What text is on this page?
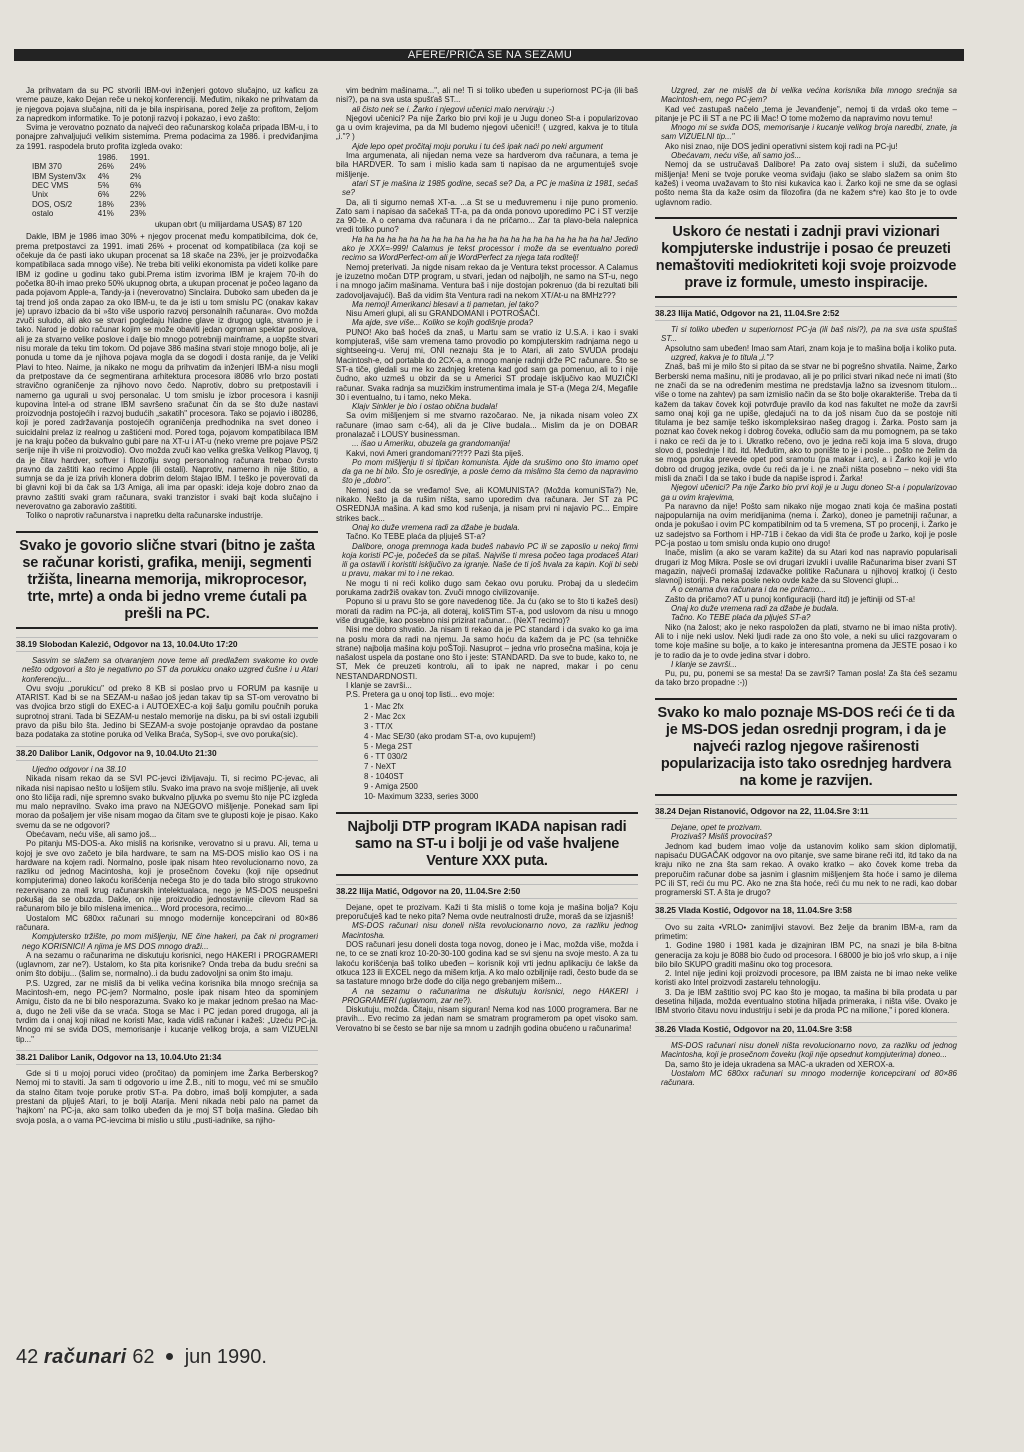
AFERE/PRIČA SE NA SEZAMU

Ja prihvatam da su PC stvorili IBM-ovi inženjeri gotovo slučajno, uz kaficu za vreme pauze, kako Dejan reče u nekoj konferenciji. Međutim, nikako ne prihvatam da je njegova pojava slučajna, niti da je bila inspirisana, pored želje za profitom, željom za napredkom informatike. To je potonji razvoj i pokazao, i evo zašto:

Svima je verovatno poznato da najveći deo računarskog kolača pripada IBM-u, i to ponajpre zahvaljujući velikim sistemima. Prema podacima za 1986. i predviđanjima za 1991. raspodela bruto profita izgleda ovako:

	1986.	1991.
IBM 370	26%	24%
IBM System/3x	4%	2%
DEC VMS	5%	6%
Unix	6%	22%
DOS, OS/2	18%	23%
ostalo	41%	23%
ukupan obrt (u milijardama USA$) 87 120

Dakle, IBM je 1986 imao 30% + njegov procenat među kompatibilcima, dok će, prema pretpostavci za 1991. imati 26% + procenat od kompatibilaca (za koji se očekuje da će pasti iako ukupan procenat sa 18 skače na 23%, jer je proizvođačka kompatibilaca sada mnogo više). Ne treba biti veliki ekonomista pa videti kolike pare IBM iz godine u godinu tako gubi.Prema istim izvorima IBM je krajem 70-ih do početka 80-ih imao preko 50% ukupnog obrta, a ukupan procenat je počeo lagano da pada pojavom Apple-a, Tandy-ja i (neverovatno) Sinclaira. Duboko sam ubeđen da je taj trend još onda zapao za oko IBM-u, te da je isti u tom smislu PC (onakav kakav je) upravo izbacio da bi »što više usporio razvoj personalnih računara«. Ovo možda zvuči suludo, ali ako se stvari pogledaju hladne glave iz drugog ugla, stvarno je i tako. Narod je dobio računar kojim se može obaviti jedan ogroman spektar poslova, ali je za stvarno velike poslove i dalje bio mnogo potrebniji mainframe, a uopšte stvari nisu morale da teku tim tokom. Od pojave 386 mašina stvari stoje mnogo bolje, ali je ponuda u tome da je njihova pojava mogla da se dogodi i dosta ranije, da je Veliki Plavi to hteo. Naime, ja nikako ne mogu da prihvatim da inženjeri IBM-a nisu mogli da pretpostave da će segmentirana arhitektura procesora i8086 vrlo brzo postati stravično ograničenje za njihovo novo čedo. Naprotiv, dobro su pretpostavili i namerno ga ugurali u svoj personalac. U tom smislu je izbor procesora i kasniji kupovina Intel-a od strane IBM savršeno sračunat čin da se što duže nastavi proizvodnja postojećih i razvoj budućih „sakatih" procesora. Tako se pojavio i i80286, koji je pored zadržavanja postojećih ograničenja predhodnika na svet doneo i suicidalni prelaz iz realnog u zaštićeni mod. Pored toga, pojavom kompatibilaca IBM je na kraju počeo da bukvalno gubi pare na XT-u i AT-u (neko vreme pre pojave PS/2 serije nije ih više ni proizvodio). Ovo možda zvuči kao velika greška Velikog Plavog, tj da je čitav hardver, softver i filozofiju svog personalnog računara trebao čvrsto pravno da zaštiti kao recimo Apple (ili ostali). Naprotiv, namerno ih nije štitio, a sumnja se da je iza privih klonera dobrim delom štajao IBM. I teško je poverovati da bi glavni koji bi da čak sa 1/3 Amiga, ali ima par opaski: ideja koje dobro znao da pravno zaštiti svaki gram računara, svaki tranzistor i svaki bajt koda slučajno i neverovatno ga zaboravio zaštititi.

Toliko o naprotiv računarstva i napretku delta računarske industrije.

Svako je govorio slične stvari (bitno je zašta se računar koristi, grafika, meniji, segmenti tržišta, linearna memorija, mikroprocesor, trte, mrte) a onda bi jedno vreme ćutali pa prešli na PC.
38.19 Slobodan Kalezić, Odgovor na 13, 10.04.Uto 17:20

Sasvim se slažem sa otvaranjem nove teme ali predlažem svakome ko ovde nešto odgovori a što je negativno po ST da porukicu onako uzgred čušne i u Atari konferenciju...

Ovu svoju „porukicu" od preko 8 KB si poslao prvo u FORUM pa kasnije u ATARIST. Kad bi se na SEZAM-u našao još jedan takav tip sa ST-om verovatno bi vas dvojica brzo stigli do EXEC-a i AUTOEXEC-a koji šalju gomilu poučnih poruka suprotnoj strani. Tada bi SEZAM-u nestalo memorije na disku, pa bi svi ostali izgubili pravo da pišu bilo šta. Jedino bi SEZAM-a svoje postojanje opravdao da postane baza podataka za stotine poruka od Velika Braća, SySop-i, sve ovo poruka(sic).

38.20 Dalibor Lanik, Odgovor na 9, 10.04.Uto 21:30

Ujedno odgovor i na 38.10

Nikada nisam rekao da se SVI PC-jevci iživljavaju. Ti, si recimo PC-jevac, ali nikada nisi napisao nešto u lošijem stilu. Svako ima pravo na svoje mišljenje, ali uvek ono što ličija radi, nije spremno svako bukvalno pljuvka po svemu što nije PC izgleda mu malo nepravilno. Svako ima pravo na NJEGOVO mišljenje. Ponekad sam lipi morao da pošaljem jer više nisam mogao da čitam sve te gluposti koje je pisao. Kako svemu da se ne odgovori?

Obećavam, neću više, ali samo još...

Po pitanju MS-DOS-a. Ako misliš na korisnike, verovatno si u pravu. Ali, tema u kojoj je sve ovo začeto je bila hardware, te sam na MS-DOS mislio kao OS i na hardware na kojem radi. Normalno, posle ipak nisam hteo revolucionarno novo, za razliku od jednog Macintosha, koji je prosečnom čoveku (koji nije opsednut kompjuterima) doneo lakoću korišćenja nečega što je do tada bilo strogo strukovno rezervisano za mali krug računarskih intelektualaca, nego je MS-DOS neuspešni pokušaj da se obuzda. Dakle, on nije proizvodio jednostavnije cilevom Rad sa računarom bilo je bilo mislena imenica... Word procesora, recimo...

Uostalom MC 680xx računari su mnogo modernije koncepcirani od 80×86 računara.

Kompjutersko tržište, po mom mišljenju, NE čine hakeri, pa čak ni programeri nego KORISNICI! A njima je MS DOS mnogo draži...

A na sezamu o računarima ne diskutuju korisnici, nego HAKERI i PROGRAMERI (uglavnom, zar ne?). Ustalom, ko šta pita korisnike? Onda treba da budu srećni sa onim što dobiju... (šalim se, normalno)..i da budu zadovoljni sa onim što imaju.

P.S. Uzgred, zar ne misliš da bi velika većina korisnika bila mnogo srećnija sa Macintosh-em, nego PC-jem? Normalno, posle ipak nisam hteo da spominjem Amigu, čisto da ne bi bilo nesporazuma. Svako ko je makar jednom prešao na Mac-a, dugo ne želi više da se vraća. Stoga se Mac i PC jedan pored drugoga, ali ja tvrdim da i onaj koji nikad ne koristi Mac, kada vidiš računar i kažeš: „Uzeću PC-ja. Mnogo mi se sviđa DOS, memorisanje i kucanje velikog broja, a sam VIZUELNI tip..."

38.21 Dalibor Lanik, Odgovor na 13, 10.04.Uto 21:34

Gde si ti u mojoj poruci video (pročitao) da pominjem ime Žarka Berberskog? Nemoj mi to staviti. Ja sam ti odgovorio u ime Ž.B., niti to mogu, već mi se smučilo da stalno čitam tvoje poruke protiv ST-a. Pa dobro, imaš bolji kompjuter, a sada prestani da pljuješ Atari, to je bolji Atarija. Meni nikada nebi palo na pamet da ‘hajkom’ na PC-ja, ako sam toliko ubeđen da je moj ST bolja mašina. Gledao bih svoja posla, a o vama PC-ievcima bi mislio u stilu „pusti-iadnike, sa njiho-

vim bednim mašinama...", ali ne! Ti si toliko ubeđen u superiornost PC-ja (ili baš nisi?), pa na sva usta spušťaš ST...

ali čisto nek se i. Žarko i njegovi učenici malo nerviraju :-)

Njegovi učenici? Pa nije Žarko bio prvi koji je u Jugu doneo St-a i popularizovao ga u ovim krajevima, pa da MI budemo njegovi učenici!! ( uzgred, kakva je to titula „i."? )

Ajde lepo opet pročitaj moju poruku i tu ćeš ipak naći po neki argument

Ima argumenata, ali nijedan nema veze sa hardverom dva računara, a tema je bila HARDVER. To sam i mislio kada sam ti napisao da ne argumentuješ svoje mišljenje.

atari ST je mašina iz 1985 godine, secaš se? Da, a PC je mašina iz 1981, sećaš se?

Da, ali ti sigurno nemaš XT-a. ...a St se u međuvremenu i nije puno promenio. Zato sam i napisao da sačekaš TT-a, pa da onda ponovo uporedimo PC i ST verzije za 90-te. A o cenama dva računara i da ne pričamo... Zar ta plavo-bela nalepnica vredi toliko puno?

Ha ha ha ha ha ha ha ha ha ha ha ha ha ha ha ha ha ha ha ha ha ha ha! Jedino ako je XXX=-999! Calamus je tekst processor i može da se eventualno poredi recimo sa WordPerfect-om ali je WordPerfect za njega tata roditelj!

Nemoj preterivati. Ja nigde nisam rekao da je Ventura tekst processor. A Calamus je izuzetno močan DTP program, u stvari, jedan od najboljih, ne samo na ST-u, nego i na mnogo jačim mašinama. Ventura baš i nije dostojan pokrenuo (da bi rezultati bili zadovoljavajući). Baš da vidim šta Ventura radi na nekom XT/At-u na 8MHz???

Ma nemoj! Amerikanci blesavi a ti pametan, jel tako?

Nisu Ameri glupi, ali su GRANDOMANI i POTROŠAČI.

Ma ajde, sve više... Koliko se kojih godišnje proda?

PUNO! Ako baš hoćeš da znaš, u Martu sam se vratio iz U.S.A. i kao i svaki kompjuteraš, više sam vremena tamo provodio po kompjuterskim radnjama nego u sightseeing-u. Veruj mi, ONI neznaju šta je to Atari, ali zato SVUDA prodaju Macintosh-e, od portabla do 2CX-a, a mnogo manje radnji drže PC računare. Što se ST-a tiče, gledali su me ko zadnjeg kretena kad god sam ga pomenuo, ali to i nije čudno, ako uzmeš u obzir da se u Americi ST prodaje isključivo kao MUZIČKI računar. Svaka radnja sa muzičkim instrumentima imala je ST-a (Mega 2/4, Megafile 30 i eventualno, tu i tamo, neko Meka.

Klajv Sinkler je bio i ostao obična budala!

Sa ovim mišljenjem si me stvarno razočarao. Ne, ja nikada nisam voleo ZX računare (imao sam c-64), ali da je Clive budala... Mislim da je on DOBAR pronalazač i LOUSY businessman.

... išao u Ameriku, obuzela ga grandomanija!

Kakvi, novi Ameri grandomani??!?? Pazi šta piješ.

Po mom mišljenju ti si tipičan komunista. Ajde da srušimo ono što imamo opet da ga ne bi bilo. Što je osredinje, a posle ćemo da mislimo šta ćemo da napravimo što je „dobro".

Nemoj sad da se vređamo! Sve, ali KOMUNISTA? (Možda komuniSTa?) Ne, nikako. Nešto ja da rušim ništa, samo uporedim dva računara. Jer ST za PC OSREDNJA mašina. A kad smo kod rušenja, ja nisam prvi ni najavio PC... Empire strikes back...

Onaj ko duže vremena radi za džabe je budala.

Tačno. Ko TEBE plaća da pljuješ ST-a?

Dalibore, onoga premnoga kada budeš nabavio PC ili se zaposlio u nekoj firmi koja koristi PC-je, počećeš da se pitaš. Najviše ti mresa počeo taga prodaceš Atari ili ga ostavili i koristiti isključivo za igranje. Naše će ti još hvala za kapin. Koji bi sebi u pravu, makar mi to i ne rekao.

Ne mogu ti ni reći koliko dugo sam čekao ovu poruku. Probaj da u sledećim porukama zadržiš ovakav ton. Zvuči mnogo civilizovanije.

Popuno si u pravu što se gore navedenog tiče. Ja ću (ako se to što ti kažeš desi) morati da radim na PC-ja, ali doteraj, koliSTim ST-a, pod uslovom da nisu u mnogo više drugačije, kao posebno nisi prizirat računar... (NeXT recimo)?

Nisi me dobro shvatio. Ja nisam ti rekao da je PC standard i da svako ko ga ima na poslu mora da radi na njemu. Ja samo hoću da kažem da je PC (sa tehničke strane) najbolja mašina koju poŠToji. Nasuprot – jedna vrlo prosečna mašina, koja je našalost uspela da postane ono što i jeste: STANDARD. Da sve to bude, kako to, ne ST, Mek će preuzeti kontrolu, ali to ipak ne napred, makar i po cenu NESTANDARDNOSTI.

I klanje se završi...

P.S. Pretera ga u onoj top listi... evo moje:

1 - Mac 2fx
2 - Mac 2cx
3 - TT/X
4 - Mac SE/30 (ako prodam ST-a, ovo kupujem!)
5 - Mega 2ST
6 - TT 030/2
7 - NeXT
8 - 1040ST
9 - Amiga 2500
10- Maximum 3233, series 3000
Najbolji DTP program IKADA napisan radi samo na ST-u i bolji je od vaše hvaljene Venture XXX puta.
38.22 Ilija Matić, Odgovor na 20, 11.04.Sre 2:50

Dejane, opet te prozivam. Kaži ti šta misliš o tome koja je mašina bolja? Koju preporučuješ kad te neko pita? Nema ovde neutralnosti druže, moraš da se izjasniš!

MS-DOS računari nisu doneli ništa revolucionarno novo, za razliku jednog Macintosha.

DOS računari jesu doneli dosta toga novog, doneo je i Mac, možda više, možda i ne, to ce se znati kroz 10-20-30-100 godina kad se svi sjenu na svoje mesto. A za tu lakoću korišćenja baš toliko ubeđen – korisnik koji vrti jednu aplikaciju će lakše da otkuca 123 ili EXCEL nego da mišem krlja. A ko malo ozbiljnije radi, često bude da se sa tastature mnogo brže dođe do cilja nego grebanjem mišem...

A na sezamu o računarima ne diskutuju korisnici, nego HAKERI i PROGRAMERI (uglavnom, zar ne?).

Diskutuju, možda. Čitaju, nisam siguran! Nema kod nas 1000 programera. Bar ne pravih... Evo recimo za jedan nam se smatram programerom pa opet visoko sam. Verovatno bi se često se bar nije sa mnom u zadnjih godina obućeno u računarima!

Uzgred, zar ne misliš da bi velika većina korisnika bila mnogo srećnija sa Macintosh-em, nego PC-jem?

Kad već zastupaš načelo „tema je Jevanđenje", nemoj ti da vrdaš oko teme – pitanje je PC ili ST a ne PC ili Mac! O tome možemo da napravimo novu temu!

Mnogo mi se sviđa DOS, memorisanje i kucanje velikog broja naredbi, znate, ja sam VIZUELNI tip..."

Ako nisi znao, nije DOS jedini operativni sistem koji radi na PC-ju!

Obećavam, neću više, ali samo još...

Nemoj da se ustručavaš Dalibore! Pa zato ovaj sistem i služi, da sučelimo mišljenja! Meni se tvoje poruke veoma sviđaju (iako se slabo slažem sa onim što kažeš) i veoma uvažavam to što nisi kukavica kao i. Žarko koji ne sme da se oglasi pošto nema šta da kaže osim da filozofira (da ne kažem s*re) kao što je to ovde uglavnom radio.

Uskoro će nestati i zadnji pravi vizionari kompjuterske industrije i posao će preuzeti nemaštoviti mediokriteti koji svoje proizvode prave iz formule, umesto inspiracije.
38.23 Ilija Matić, Odgovor na 21, 11.04.Sre 2:52

Ti si toliko ubeđen u superiornost PC-ja (ili baš nisi?), pa na sva usta spuštaš ST...

Apsolutno sam ubeđen! Imao sam Atari, znam koja je to mašina bolja i koliko puta.

uzgred, kakva je to titula „i."?

Znaš, baš mi je milo što si pitao da se stvar ne bi pogrešno shvatila. Naime, Žarko Berberski nema mašinu, niti je prodavao, ali je po prilici stvari nikad neće ni imati (što ne znači da se na određenim mestima ne predstavlja lažno sa izvesnom titulom... više o tome na zahtev) pa sam izmislio način da se što bolje okarakteriše. Treba da ti kažem da takav čovek koji potvrđuje pravilo da kod nas fakultet ne može da završi samo onaj koji ga ne upiše, gledajući na to da još nisam čuo da se postoje niti titulama je bez samije teško iskompleksirao našeg dragog i. Žarka. Posto sam ja poznat kao čovek nekog i dobrog čoveka, odlučio sam da mu pomognem, pa se tako i nako ce reći da je to i. Ukratko rečeno, ovo je jedna reči koja ima 5 slova, drugo slovo d, poslednje I itd. itd. Međutim, ako to ponište to je i posle... pošto ne želim da se moga poruka prevede opet pod sramotu (pa makar i.arc), a i Žarko koji je vrlo dobro od drugog jezika, ovde ću reći da je i. ne znači ništa posebno – neko vidi šta misli da znači I da se tako i bude da napiše isprod i. Žarka!

Njegovi učenici? Pa nije Žarko bio prvi koji je u Jugu doneo St-a i popularizovao ga u ovim krajevima,

Pa naravno da nije! Pošto sam nikako nije mogao znati koja će mašina postati najpopularnija na ovim meridijanima (nema i. Žarko), doneo je pametniji računar, a onda je pokušao i ovim PC kompatibilnim od ta 5 vremena, ST po procenji, i. Žarko je uz sadejstvo sa Forthom i HP-71B i čekao da vidi šta će prođe u žarko, koji je posle PC-ja postao u tom smislu onda kupio ono drugo!

Inače, mislim (a ako se varam kažite) da su Atari kod nas napravio popularisali drugari iz Mog Mikra. Posle se ovi drugari izvukli i uvalile Računarima biser zvani ST magazin, najveći promašaj izdavačke politike Računara u njihovoj kratkoj (i često slavnoj) istoriji. Pa neka posle neko ovde kaže da su Slovenci glupi...

A o cenama dva računara i da ne pričamo...

Zašto da pričamo? AT u punoj konfiguraciji (hard itd) je jeftiniji od ST-a!

Onaj ko duže vremena radi za džabe je budala.

Tačno. Ko TEBE plaća da pljuješ ST-a?

Niko (na žalost; ako je neko raspoložen da plati, stvarno ne bi imao ništa protiv). Ali to i nije neki uslov. Neki ljudi rade za ono što vole, a neki su ulici razgovaram o tome koje mašine su bolje, a to kako je interesantna promena da JESTE posao i ko je to radio da je to ovde jedina stvar i dobro.

I klanje se završi...

Pu, pu, pu, ponemi se sa mesta! Da se završi? Taman posla! Za šta ćeš sezamu da tako brzo propadne :-))

Svako ko malo poznaje MS-DOS reći će ti da je MS-DOS jedan osrednji program, i da je najveći razlog njegove raširenosti popularizacija isto tako osrednjeg hardvera na kome je razvijen.
38.24 Dejan Ristanović, Odgovor na 22, 11.04.Sre 3:11

Dejane, opet te prozivam.

Prozivaš? Misliš provociraš?

Jednom kad budem imao volje da ustanovim koliko sam skion diplomatiji, napisaću DUGAČAK odgovor na ovo pitanje, sve same birane reči itd, itd tako da na kraju niko ne zna šta sam rekao. A ovako kratko – ako čovek kome treba da preporučim računar dobe sa jasnim i glasnim mišljenjem šta hoće i samo je dilema PC ili ST, reći ću mu PC. Ako ne zna šta hoće, reći ću mu nek to ne radi, kao dobar programerski ST. A šta je drugo?

38.25 Vlada Kostić, Odgovor na 18, 11.04.Sre 3:58

Ovo su zaita •VRLO• zanimljivi stavovi. Bez želje da branim IBM-a, ram da primetim:

1. Godine 1980 i 1981 kada je dizajniran IBM PC, na snazi je bila 8-bitna generacija za koju je 8088 bio čudo od procesora. I 68000 je bio još vrlo skup, a i nije bilo bilo SKUPO graditi mašinu oko tog procesora.

2. Intel nije jedini koji proizvodi procesore, pa IBM zaista ne bi imao neke velike koristi ako Intel proizvodi zastarelu tehnologiju.

3. Da je IBM zaštitio svoj PC kao što je mogao, ta mašina bi bila prodata u par desetina hiljada, možda eventualno stotina hiljada primeraka, i ništa više. Ovako je IBM stvorio čitavu novu industriju i sebi je da proda PC na milione," i pored klonera.

38.26 Vlada Kostić, Odgovor na 20, 11.04.Sre 3:58

MS-DOS računari nisu doneli ništa revolucionarno novo, za razliku od jednog Macintosha, koji je prosečnom čoveku (koji nije opsednut kompjuterima) doneo...

Da, samo što je ideja ukradena sa MAC-a ukraden od XEROX-a.

Uostalom MC 680xx računari su mnogo modernije koncepcirani od 80×86 računara.

42 računari 62 jun 1990.
